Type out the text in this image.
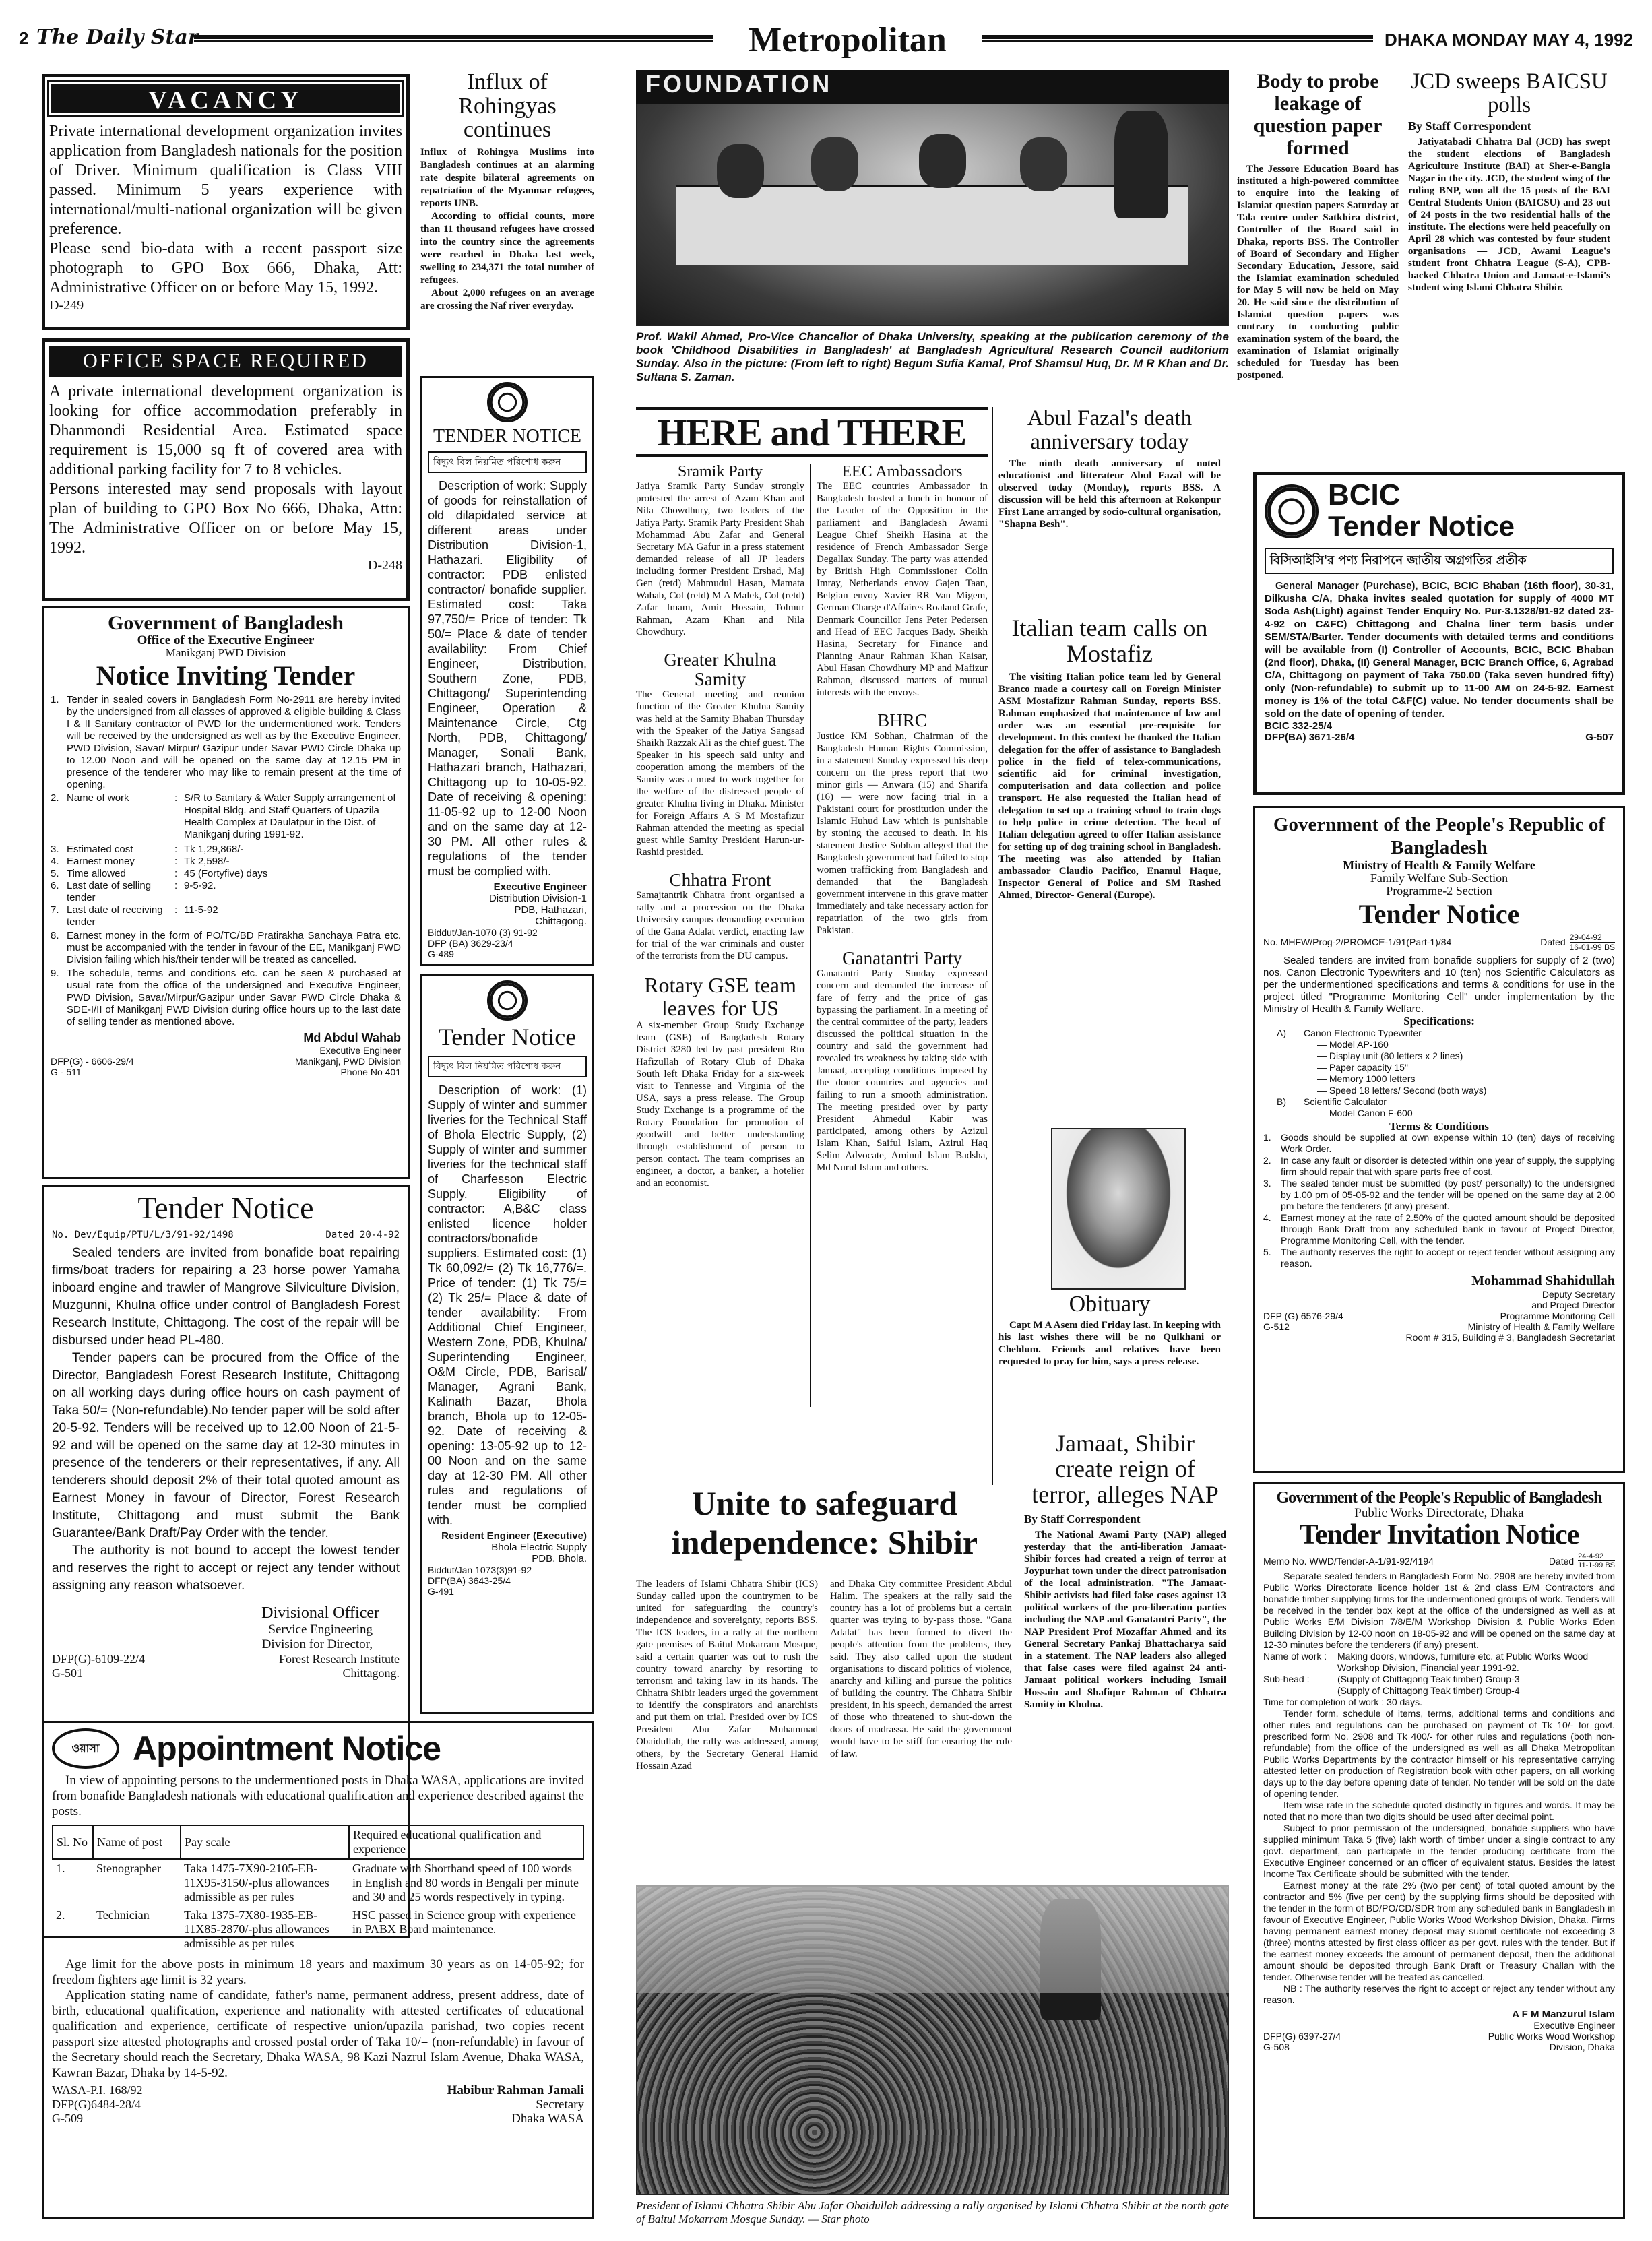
2 The Daily Star	Metropolitan	DHAKA MONDAY MAY 4, 1992
VACANCY
Private international development organization invites application from Bangladesh nationals for the position of Driver. Minimum qualification is Class VIII passed. Minimum 5 years experience with international/multi-national organization will be given preference.
Please send bio-data with a recent passport size photograph to GPO Box 666, Dhaka, Att: Administrative Officer on or before May 15, 1992.
D-249
OFFICE SPACE REQUIRED
A private international development organization is looking for office accommodation preferably in Dhanmondi Residential Area. Estimated space requirement is 15,000 sq ft of covered area with additional parking facility for 7 to 8 vehicles.
Persons interested may send proposals with layout plan of building to GPO Box No 666, Dhaka, Attn: The Administrative Officer on or before May 15, 1992.
D-248
Government of Bangladesh
Office of the Executive Engineer
Manikganj PWD Division
Notice Inviting Tender
1. Tender in sealed covers in Bangladesh Form No-2911 are hereby invited by the undersigned from all classes of approved & eligible building & Class I & II Sanitary contractor of PWD for the undermentioned work. Tenders will be received by the undersigned as well as by the Executive Engineer, PWD Division, Savar/ Mirpur/ Gazipur under Savar PWD Circle Dhaka up to 12.00 Noon and will be opened on the same day at 12.15 PM in presence of the tenderer who may like to remain present at the time of opening.
2. Name of work	: S/R to Sanitary & Water Supply arrangement of Hospital Bldg. and Staff Quarters of Upazila Health Complex at Daulatpur in the Dist. of Manikganj during 1991-92.
3. Estimated cost	: Tk 1,29,868/-
4. Earnest money	: Tk 2,598/-
5. Time allowed	: 45 (Fortyfive) days
6. Last date of selling tender
: 9-5-92.
7. Last date of receiving tender
: 11-5-92
8. Earnest money in the form of PO/TC/BD Pratirakha Sanchaya Patra etc. must be accompanied with the tender in favour of the EE, Manikganj PWD Division failing which his/their tender will be treated as cancelled.
9. The schedule, terms and conditions etc. can be seen & purchased at usual rate from the office of the undersigned and Executive Engineer, PWD Division, Savar/Mirpur/Gazipur under Savar PWD Circle Dhaka & SDE-I/II of Manikganj PWD Division during office hours up to the last date of selling tender as mentioned above.
Md Abdul Wahab
Executive Engineer
DFP(G) - 6606-29/4	Manikganj, PWD Division
G - 511	Phone No 401
Tender Notice
No. Dev/Equip/PTU/L/3/91-92/1498	Dated 20-4-92
Sealed tenders are invited from bonafide boat repairing firms/boat traders for repairing a 23 horse power Yamaha inboard engine and trawler of Mangrove Silviculture Division, Muzgunni, Khulna office under control of Bangladesh Forest Research Institute, Chittagong. The cost of the repair will be disbursed under head PL-480.
Tender papers can be procured from the Office of the Director, Bangladesh Forest Research Institute, Chittagong on all working days during office hours on cash payment of Taka 50/= (Non-refundable).No tender paper will be sold after 20-5-92. Tenders will be received up to 12.00 Noon of 21-5-92 and will be opened on the same day at 12-30 minutes in presence of the tenderers or their representatives, if any. All tenderers should deposit 2% of their total quoted amount as Earnest Money in favour of Director, Forest Research Institute, Chittagong and must submit the Bank Guarantee/Bank Draft/Pay Order with the tender.
The authority is not bound to accept the lowest tender and reserves the right to accept or reject any tender without assigning any reason whatsoever.
Divisional Officer
Service Engineering
Division for Director,
DFP(G)-6109-22/4	Forest Research Institute
G-501	Chittagong.
Influx of Rohingyas continues
Influx of Rohingya Muslims into Bangladesh continues at an alarming rate despite bilateral agreements on repatriation of the Myanmar refugees, reports UNB.
According to official counts, more than 11 thousand refugees have crossed into the country since the agreements were reached in Dhaka last week, swelling to 234,371 the total number of refugees.
About 2,000 refugees on an average are crossing the Naf river everyday.
TENDER NOTICE
বিদ্যুৎ বিল নিয়মিত পরিশোধ করুন
Description of work: Supply of goods for reinstallation of old dilapidated service at different areas under Distribution Division-1, Hathazari. Eligibility of contractor: PDB enlisted contractor/ bonafide supplier. Estimated cost: Taka 97,750/= Price of tender: Tk 50/= Place & date of tender availability: From Chief Engineer, Distribution, Southern Zone, PDB, Chittagong/ Superintending Engineer, Operation & Maintenance Circle, Ctg North, PDB, Chittagong/ Manager, Sonali Bank, Hathazari branch, Hathazari, Chittagong up to 10-05-92. Date of receiving & opening: 11-05-92 up to 12-00 Noon and on the same day at 12-30 PM. All other rules & regulations of the tender must be complied with.
Executive Engineer
Distribution Division-1
PDB, Hathazari,
Chittagong.
Biddut/Jan-1070 (3) 91-92
DFP (BA) 3629-23/4
G-489
Tender Notice
বিদ্যুৎ বিল নিয়মিত পরিশোধ করুন
Description of work: (1) Supply of winter and summer liveries for the Technical Staff of Bhola Electric Supply, (2) Supply of winter and summer liveries for the technical staff of Charfesson Electric Supply. Eligibility of contractor: A,B&C class enlisted licence holder contractors/bonafide suppliers. Estimated cost: (1) Tk 60,092/= (2) Tk 16,776/=. Price of tender: (1) Tk 75/= (2) Tk 25/= Place & date of tender availability: From Additional Chief Engineer, Western Zone, PDB, Khulna/ Superintending Engineer, O&M Circle, PDB, Barisal/ Manager, Agrani Bank, Kalinath Bazar, Bhola branch, Bhola up to 12-05-92. Date of receiving & opening: 13-05-92 up to 12-00 Noon and on the same day at 12-30 PM. All other rules and regulations of tender must be complied with.
Resident Engineer (Executive)
Bhola Electric Supply
PDB, Bhola.
Biddut/Jan 1073(3)91-92
DFP(BA) 3643-25/4
G-491
ওয়াসা Appointment Notice
In view of appointing persons to the undermentioned posts in Dhaka WASA, applications are invited from bonafide Bangladesh nationals with educational qualification and experience described against the posts.
Sl. No	Name of post	Pay scale	Required educational qualification and experience
1.	Stenographer	Taka 1475-7X90-2105-EB-11X95-3150/-plus allowances admissible as per rules	Graduate with Shorthand speed of 100 words in English and 80 words in Bengali per minute and 30 and 25 words respectively in typing.
2.	Technician	Taka 1375-7X80-1935-EB-11X85-2870/-plus allowances admissible as per rules	HSC passed in Science group with experience in PABX Board maintenance.
Age limit for the above posts in minimum 18 years and maximum 30 years as on 14-05-92; for freedom fighters age limit is 32 years.
Application stating name of candidate, father's name, permanent address, present address, date of birth, educational qualification, experience and nationality with attested certificates of educational qualification and experience, certificate of respective union/upazila parishad, two copies recent passport size attested photographs and crossed postal order of Taka 10/= (non-refundable) in favour of the Secretary should reach the Secretary, Dhaka WASA, 98 Kazi Nazrul Islam Avenue, Dhaka WASA, Kawran Bazar, Dhaka by 14-5-92.
WASA-P.I. 168/92
DFP(G)6484-28/4
G-509
Habibur Rahman Jamali
Secretary
Dhaka WASA
FOUNDATION
Prof. Wakil Ahmed, Pro-Vice Chancellor of Dhaka University, speaking at the publication ceremony of the book 'Childhood Disabilities in Bangladesh' at Bangladesh Agricultural Research Council auditorium Sunday. Also in the picture: (From left to right) Begum Sufia Kamal, Prof Shamsul Huq, Dr. M R Khan and Dr. Sultana S. Zaman.
HERE and THERE
Sramik Party
Jatiya Sramik Party Sunday strongly protested the arrest of Azam Khan and Nila Chowdhury, two leaders of the Jatiya Party. Sramik Party President Shah Mohammad Abu Zafar and General Secretary MA Gafur in a press statement demanded release of all JP leaders including former President Ershad, Maj Gen (retd) Mahmudul Hasan, Mamata Wahab, Col (retd) M A Malek, Col (retd) Zafar Imam, Amir Hossain, Tolmur Rahman, Azam Khan and Nila Chowdhury.
Greater Khulna Samity
The General meeting and reunion function of the Greater Khulna Samity was held at the Samity Bhaban Thursday with the Speaker of the Jatiya Sangsad Shaikh Razzak Ali as the chief guest. The Speaker in his speech said unity and cooperation among the members of the Samity was a must to work together for the welfare of the distressed people of greater Khulna living in Dhaka. Minister for Foreign Affairs A S M Mostafizur Rahman attended the meeting as special guest while Samity President Harun-ur-Rashid presided.
Chhatra Front
Samajtantrik Chhatra front organised a rally and a procession on the Dhaka University campus demanding execution of the Gana Adalat verdict, enacting law for trial of the war criminals and ouster of the terrorists from the DU campus.
Rotary GSE team leaves for US
A six-member Group Study Exchange team (GSE) of Bangladesh Rotary District 3280 led by past president Rtn Hafizullah of Rotary Club of Dhaka South left Dhaka Friday for a six-week visit to Tennesse and Virginia of the USA, says a press release. The Group Study Exchange is a programme of the Rotary Foundation for promotion of goodwill and better understanding through establishment of person to person contact. The team comprises an engineer, a doctor, a banker, a hotelier and an economist.
EEC Ambassadors
The EEC countries Ambassador in Bangladesh hosted a lunch in honour of the Leader of the Opposition in the parliament and Bangladesh Awami League Chief Sheikh Hasina at the residence of French Ambassador Serge Degallax Sunday. The party was attended by British High Commissioner Colin Imray, Netherlands envoy Gajen Taan, Belgian envoy Xavier RR Van Migem, German Charge d'Affaires Roaland Grafe, Denmark Councillor Jens Peter Pedersen and Head of EEC Jacques Bady. Sheikh Hasina, Secretary for Finance and Planning Anaur Rahman Khan Kaisar, Abul Hasan Chowdhury MP and Mafizur Rahman, discussed matters of mutual interests with the envoys.
BHRC
Justice KM Sobhan, Chairman of the Bangladesh Human Rights Commission, in a statement Sunday expressed his deep concern on the press report that two minor girls — Anwara (15) and Sharifa (16) — were now facing trial in a Pakistani court for prostitution under the Islamic Huhud Law which is punishable by stoning the accused to death. In his statement Justice Sobhan alleged that the Bangladesh government had failed to stop women trafficking from Bangladesh and demanded that the Bangladesh government intervene in this grave matter immediately and take necessary action for repatriation of the two girls from Pakistan.
Ganatantri Party
Ganatantri Party Sunday expressed concern and demanded the increase of fare of ferry and the price of gas bypassing the parliament. In a meeting of the central committee of the party, leaders discussed the political situation in the country and said the government had revealed its weakness by taking side with Jamaat, accepting conditions imposed by the donor countries and agencies and failing to run a smooth administration. The meeting presided over by party President Ahmedul Kabir was participated, among others by Azizul Islam Khan, Saiful Islam, Azirul Haq Selim Advocate, Aminul Islam Badsha, Md Nurul Islam and others.
Unite to safeguard independence: Shibir
The leaders of Islami Chhatra Shibir (ICS) Sunday called upon the countrymen to be united for safeguarding the country's independence and sovereignty, reports BSS. The ICS leaders, in a rally at the northern gate premises of Baitul Mokarram Mosque, said a certain quarter was out to rush the country toward anarchy by resorting to terrorism and taking law in its hands. The Chhatra Shibir leaders urged the government to identify the conspirators and anarchists and put them on trial. Presided over by ICS President Abu Zafar Muhammad Obaidullah, the rally was addressed, among others, by the Secretary General Hamid Hossain Azad
and Dhaka City committee President Abdul Halim. The speakers at the rally said the country has a lot of problems but a certain quarter was trying to by-pass those. "Gana Adalat" has been formed to divert the people's attention from the problems, they said. They also called upon the student organisations to discard politics of violence, anarchy and killing and pursue the politics of building the country. The Chhatra Shibir president, in his speech, demanded the arrest of those who threatened to shut-down the doors of madrassa. He said the government would have to be stiff for ensuring the rule of law.
President of Islami Chhatra Shibir Abu Jafar Obaidullah addressing a rally organised by Islami Chhatra Shibir at the north gate of Baitul Mokarram Mosque Sunday. — Star photo
Abul Fazal's death anniversary today
The ninth death anniversary of noted educationist and litterateur Abul Fazal will be observed today (Monday), reports BSS. A discussion will be held this afternoon at Rokonpur First Lane arranged by socio-cultural organisation, "Shapna Besh".
Italian team calls on Mostafiz
The visiting Italian police team led by General Branco made a courtesy call on Foreign Minister ASM Mostafizur Rahman Sunday, reports BSS. Rahman emphasized that maintenance of law and order was an essential pre-requisite for development. In this context he thanked the Italian delegation for the offer of assistance to Bangladesh police in the field of telex-communications, scientific aid for criminal investigation, computerisation and data collection and police transport. He also requested the Italian head of delegation to set up a training school to train dogs to help police in crime detection. The head of Italian delegation agreed to offer Italian assistance for setting up of dog training school in Bangladesh. The meeting was also attended by Italian ambassador Claudio Pacifico, Enamul Haque, Inspector General of Police and SM Rashed Ahmed, Director- General (Europe).
Obituary
Capt M A Asem died Friday last. In keeping with his last wishes there will be no Qulkhani or Chehlum. Friends and relatives have been requested to pray for him, says a press release.
Jamaat, Shibir create reign of terror, alleges NAP
By Staff Correspondent
The National Awami Party (NAP) alleged yesterday that the anti-liberation Jamaat-Shibir forces had created a reign of terror at Joypurhat town under the direct patronisation of the local administration. "The Jamaat-Shibir activists had filed false cases against 13 political workers of the pro-liberation parties including the NAP and Ganatantri Party", the NAP President Prof Mozaffar Ahmed and its General Secretary Pankaj Bhattacharya said in a statement. The NAP leaders also alleged that false cases were filed against 24 anti-Jamaat political workers including Ismail Hossain and Shafiqur Rahman of Chhatra Samity in Khulna.
Body to probe leakage of question paper formed
The Jessore Education Board has instituted a high-powered committee to enquire into the leaking of Islamiat question papers Saturday at Tala centre under Satkhira district, Controller of the Board said in Dhaka, reports BSS. The Controller of Board of Secondary and Higher Secondary Education, Jessore, said the Islamiat examination scheduled for May 5 will now be held on May 20. He said since the distribution of Islamiat question papers was contrary to conducting public examination system of the board, the examination of Islamiat originally scheduled for Tuesday has been postponed.
JCD sweeps BAICSU polls
By Staff Correspondent
Jatiyatabadi Chhatra Dal (JCD) has swept the student elections of Bangladesh Agriculture Institute (BAI) at Sher-e-Bangla Nagar in the city. JCD, the student wing of the ruling BNP, won all the 15 posts of the BAI Central Students Union (BAICSU) and 23 out of 24 posts in the two residential halls of the institute. The elections were held peacefully on April 28 which was contested by four student organisations — JCD, Awami League's student front Chhatra League (S-A), CPB-backed Chhatra Union and Jamaat-e-Islami's student wing Islami Chhatra Shibir.
BCIC
Tender Notice
বিসিআইসি'র পণ্য নিরাপনে জাতীয় অগ্রগতির প্রতীক
General Manager (Purchase), BCIC, BCIC Bhaban (16th floor), 30-31, Dilkusha C/A, Dhaka invites sealed quotation for supply of 4000 MT Soda Ash(Light) against Tender Enquiry No. Pur-3.1328/91-92 dated 23-4-92 on C&FC) Chittagong and Chalna liner term basis under SEM/STA/Barter. Tender documents with detailed terms and conditions will be available from (I) Controller of Accounts, BCIC, BCIC Bhaban (2nd floor), Dhaka, (II) General Manager, BCIC Branch Office, 6, Agrabad C/A, Chittagong on payment of Taka 750.00 (Taka seven hundred fifty) only (Non-refundable) to submit up to 11-00 AM on 24-5-92. Earnest money is 1% of the total C&F(C) value. No tender documents shall be sold on the date of opening of tender.
BCIC 332-25/4
DFP(BA) 3671-26/4	G-507
Government of the People's Republic of Bangladesh
Ministry of Health & Family Welfare
Family Welfare Sub-Section
Programme-2 Section
Tender Notice
No. MHFW/Prog-2/PROMCE-1/91(Part-1)/84	Dated 29-04-92
16-01-99 BS
Sealed tenders are invited from bonafide suppliers for supply of 2 (two) nos. Canon Electronic Typewriters and 10 (ten) nos Scientific Calculators as per the undermentioned specifications and terms & conditions for use in the project titled "Programme Monitoring Cell" under implementation by the Ministry of Health & Family Welfare.
Specifications:
A)	Canon Electronic Typewriter
— Model AP-160
— Display unit (80 letters x 2 lines)
— Paper capacity 15"
— Memory 1000 letters
— Speed 18 letters/ Second (both ways)
B)	Scientific Calculator
— Model Canon F-600
Terms & Conditions
1.	Goods should be supplied at own expense within 10 (ten) days of receiving Work Order.
2.	In case any fault or disorder is detected within one year of supply, the supplying firm should repair that with spare parts free of cost.
3.	The sealed tender must be submitted (by post/ personally) to the undersigned by 1.00 pm of 05-05-92 and the tender will be opened on the same day at 2.00 pm before the tenderers (if any) present.
4.	Earnest money at the rate of 2.50% of the quoted amount should be deposited through Bank Draft from any scheduled bank in favour of Project Director, Programme Monitoring Cell, with the tender.
5.	The authority reserves the right to accept or reject tender without assigning any reason.
Mohammad Shahidullah
Deputy Secretary
and Project Director
DFP (G) 6576-29/4	Programme Monitoring Cell
G-512	Ministry of Health & Family Welfare
Room # 315, Building # 3, Bangladesh Secretariat
Government of the People's Republic of Bangladesh
Public Works Directorate, Dhaka
Tender Invitation Notice
Memo No. WWD/Tender-A-1/91-92/4194	Dated 24-4-92
11-1-99 BS
Separate sealed tenders in Bangladesh Form No. 2908 are hereby invited from Public Works Directorate licence holder 1st & 2nd class E/M Contractors and bonafide timber supplying firms for the undermentioned groups of work. Tenders will be received in the tender box kept at the office of the undersigned as well as at Public Works E/M Division 7/8/E/M Workshop Division & Public Works Eden Building Division by 12-00 noon on 18-05-92 and will be opened on the same day at 12-30 minutes before the tenderers (if any) present.
Name of work :	Making doors, windows, furniture etc. at Public Works Wood Workshop Division, Financial year 1991-92.
Sub-head :	(Supply of Chittagong Teak timber) Group-3
(Supply of Chittagong Teak timber) Group-4
Time for completion of work : 30 days.
Tender form, schedule of items, terms, additional terms and conditions and other rules and regulations can be purchased on payment of Tk 10/- for govt. prescribed form No. 2908 and Tk 400/- for other rules and regulations (both non-refundable) from the office of the undersigned as well as all Dhaka Metropolitan Public Works Departments by the contractor himself or his representative carrying attested letter on production of Registration book with other papers, on all working days up to the day before opening date of tender. No tender will be sold on the date of opening tender.
Item wise rate in the schedule quoted distinctly in figures and words. It may be noted that no more than two digits should be used after decimal point.
Subject to prior permission of the undersigned, bonafide suppliers who have supplied minimum Taka 5 (five) lakh worth of timber under a single contract to any govt. department, can participate in the tender producing certificate from the Executive Engineer concerned or an officer of equivalent status. Besides the latest Income Tax Certificate should be submitted with the tender.
Earnest money at the rate 2% (two per cent) of total quoted amount by the contractor and 5% (five per cent) by the supplying firms should be deposited with the tender in the form of BD/PO/CD/SDR from any scheduled bank in Bangladesh in favour of Executive Engineer, Public Works Wood Workshop Division, Dhaka. Firms having permanent earnest money deposit may submit certificate not exceeding 3 (three) months attested by first class officer as per govt. rules with the tender. But if the earnest money exceeds the amount of permanent deposit, then the additional amount should be deposited through Bank Draft or Treasury Challan with the tender. Otherwise tender will be treated as cancelled.
NB : The authority reserves the right to accept or reject any tender without any reason.
A F M Manzurul Islam
Executive Engineer
DFP(G) 6397-27/4	Public Works Wood Workshop
G-508	Division, Dhaka
